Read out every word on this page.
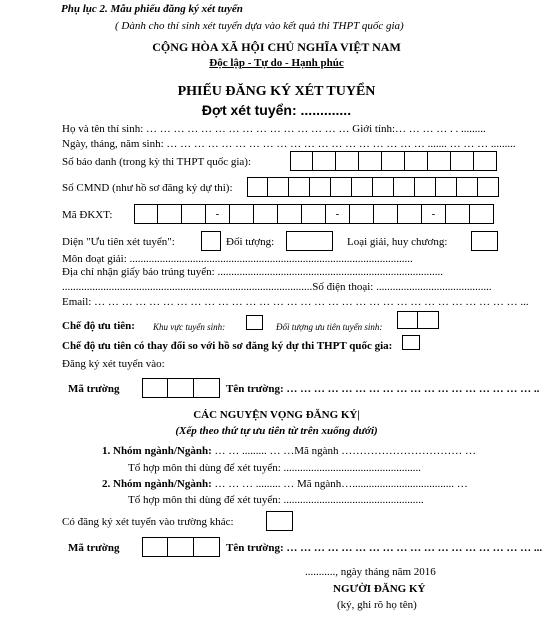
Phụ lục 2. Mẫu phiếu đăng ký xét tuyển
( Dành cho thí sinh xét tuyển dựa vào kết quả thi THPT quốc gia)
CỘNG HÒA XÃ HỘI CHỦ NGHĨA VIỆT NAM
Độc lập - Tự do - Hạnh phúc
PHIẾU ĐĂNG KÝ XÉT TUYỂN
Đợt xét tuyển: .............
Họ và tên thí sinh: … … … … … … … … … … … … … … … Giới tính:… … … … . . .........
Ngày, tháng, năm sinh: … … … … … … … … … … … … … … … … … … … ....... … … … .........
Số báo danh (trong kỳ thi THPT quốc gia):
Số CMND (như hồ sơ đăng ký dự thi):
Mã ĐKXT:	-	-	-
Diện "Ưu tiên xét tuyển":	Đối tượng:	Loại giải, huy chương:
Môn đoạt giải: .......................................................................................................
Địa chỉ nhận giấy báo trúng tuyển: ..................................................................................
...........................................................................................Số điện thoại: ..........................................
Email: … … … … … … … … … … … … … … … … … … … … … … … … … … … … … … … ...
Chế độ ưu tiên: Khu vực tuyển sinh:	Đối tượng ưu tiên tuyển sinh:
Chế độ ưu tiên có thay đổi so với hồ sơ đăng ký dự thi THPT quốc gia:
Đăng ký xét tuyển vào:
Mã trường	Tên trường: … … … … … … … … … … … … … … … … … … ..
CÁC NGUYỆN VỌNG ĐĂNG KÝ|
(Xếp theo thứ tự ưu tiên từ trên xuống dưới)
1. Nhóm ngành/Ngành: … … ......... … …Mã ngành …………………………… …
Tổ hợp môn thi dùng để xét tuyển: ..................................................
2. Nhóm ngành/Ngành: … … … ......... … Mã ngành…..................................... …
Tổ hợp môn thi dùng để xét tuyển: ...................................................
Có đăng ký xét tuyển vào trường khác:
Mã trường	Tên trường: … … … … … … … … … … … … … … … … … … ...
..........., ngày tháng năm 2016
NGƯỜI ĐĂNG KÝ
(ký, ghi rõ họ tên)
